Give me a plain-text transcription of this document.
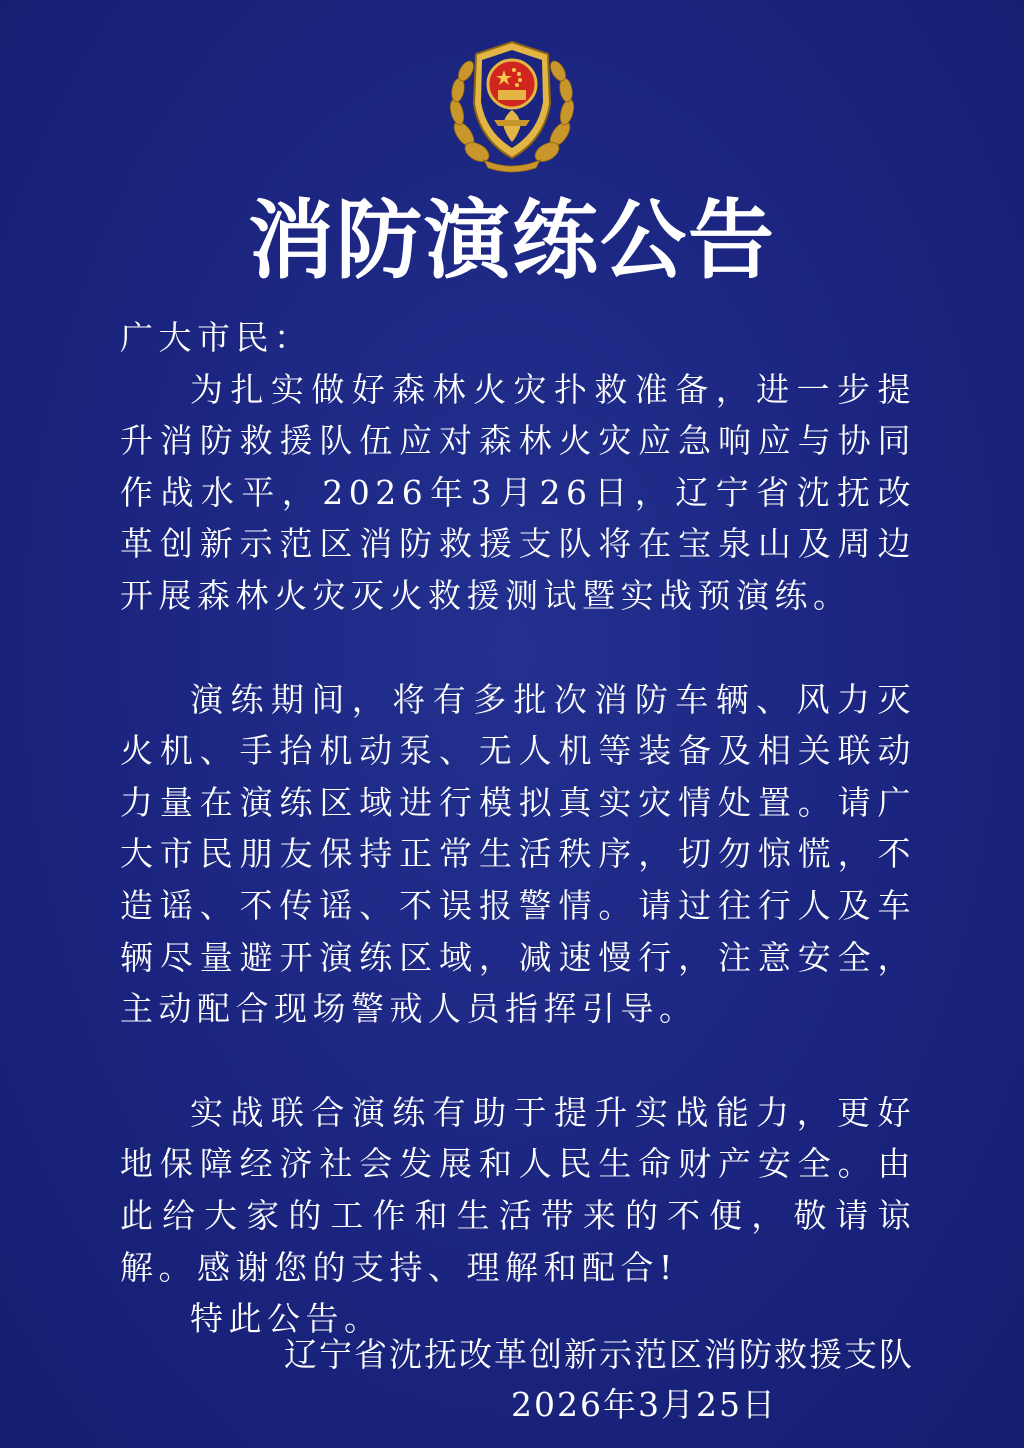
消防演练公告

广大市民：

为扎实做好森林火灾扑救准备，进一步提升消防救援队伍应对森林火灾应急响应与协同作战水平，2026年3月26日，辽宁省沈抚改革创新示范区消防救援支队将在宝泉山及周边开展森林火灾灭火救援测试暨实战预演练。

演练期间，将有多批次消防车辆、风力灭火机、手抬机动泵、无人机等装备及相关联动力量在演练区域进行模拟真实灾情处置。请广大市民朋友保持正常生活秩序，切勿惊慌，不造谣、不传谣、不误报警情。请过往行人及车辆尽量避开演练区域，减速慢行，注意安全，主动配合现场警戒人员指挥引导。

实战联合演练有助于提升实战能力，更好地保障经济社会发展和人民生命财产安全。由此给大家的工作和生活带来的不便，敬请谅解。感谢您的支持、理解和配合!

特此公告。

辽宁省沈抚改革创新示范区消防救援支队
2026年3月25日
